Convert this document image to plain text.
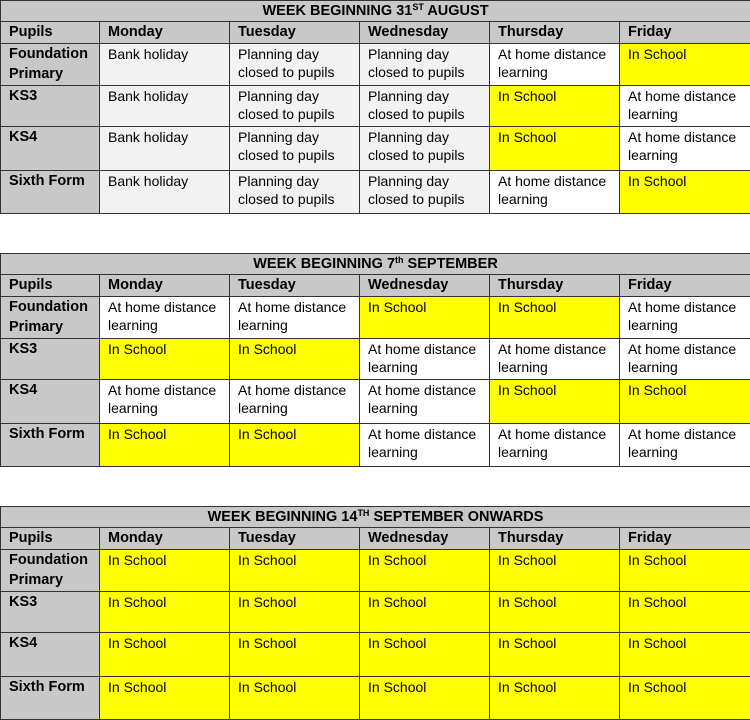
WEEK BEGINNING 31ST AUGUST					
Pupils	Monday	Tuesday	Wednesday	Thursday	Friday
Foundation Primary	Bank holiday	Planning day closed to pupils	Planning day closed to pupils	At home distance learning	In School
KS3	Bank holiday	Planning day closed to pupils	Planning day closed to pupils	In School	At home distance learning
KS4	Bank holiday	Planning day closed to pupils	Planning day closed to pupils	In School	At home distance learning
Sixth Form	Bank holiday	Planning day closed to pupils	Planning day closed to pupils	At home distance learning	In School
WEEK BEGINNING 7th SEPTEMBER					
Pupils	Monday	Tuesday	Wednesday	Thursday	Friday
Foundation Primary	At home distance learning	At home distance learning	In School	In School	At home distance learning
KS3	In School	In School	At home distance learning	At home distance learning	At home distance learning
KS4	At home distance learning	At home distance learning	At home distance learning	In School	In School
Sixth Form	In School	In School	At home distance learning	At home distance learning	At home distance learning
WEEK BEGINNING 14TH SEPTEMBER ONWARDS					
Pupils	Monday	Tuesday	Wednesday	Thursday	Friday
Foundation Primary	In School	In School	In School	In School	In School
KS3	In School	In School	In School	In School	In School
KS4	In School	In School	In School	In School	In School
Sixth Form	In School	In School	In School	In School	In School
